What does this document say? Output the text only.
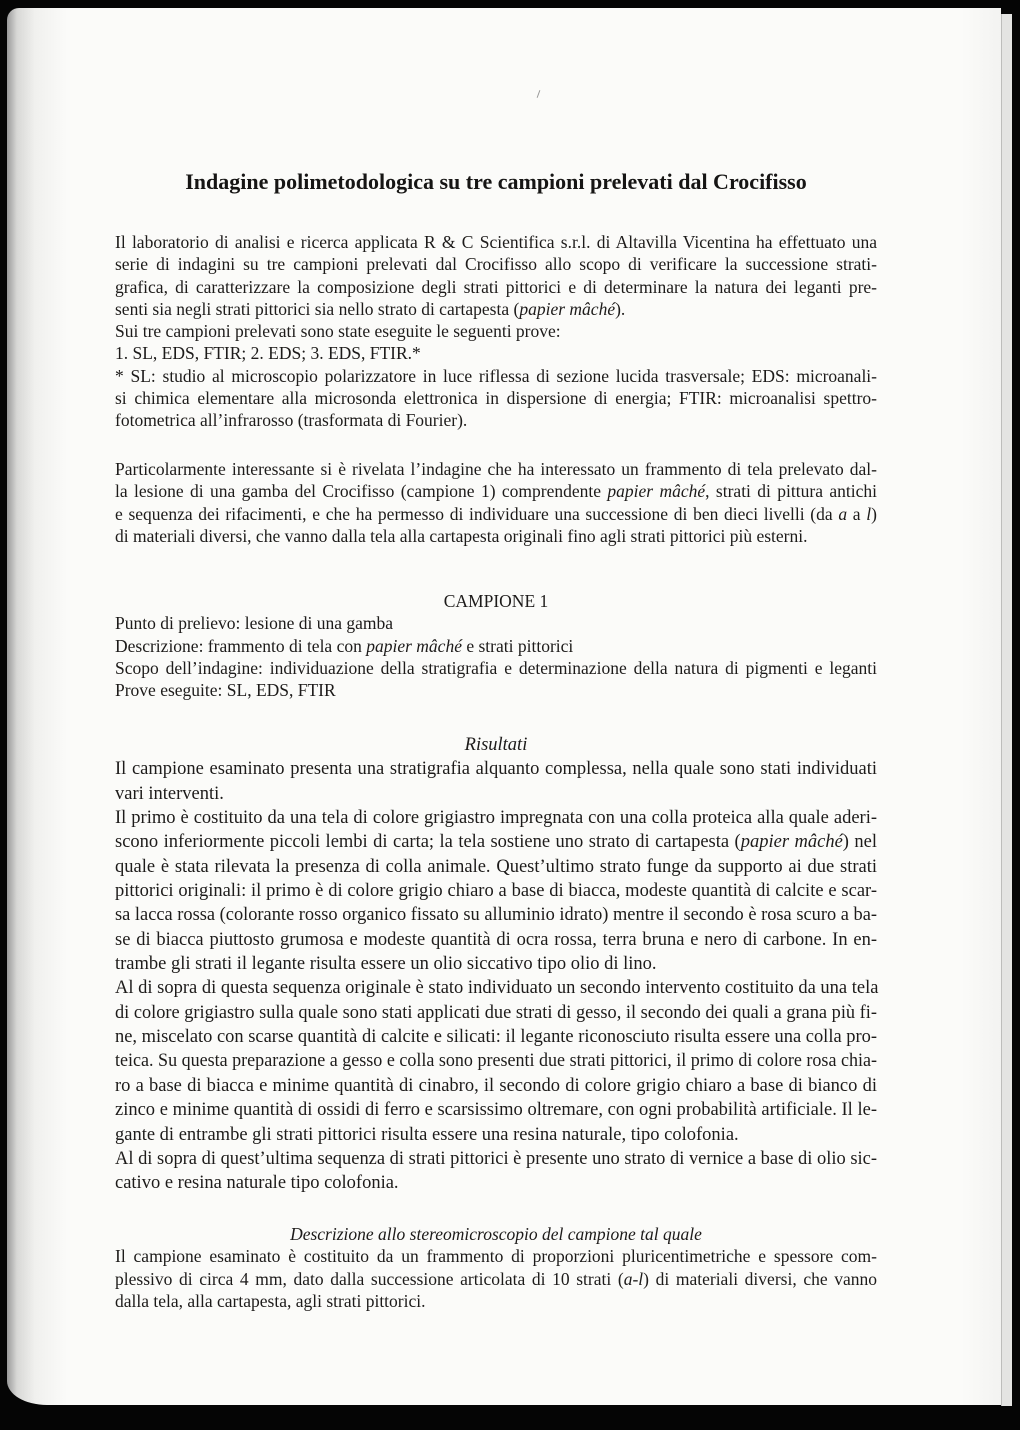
Indagine polimetodologica su tre campioni prelevati dal Crocifisso
Il laboratorio di analisi e ricerca applicata R & C Scientifica s.r.l. di Altavilla Vicentina ha effettuato una
serie di indagini su tre campioni prelevati dal Crocifisso allo scopo di verificare la successione strati-
grafica, di caratterizzare la composizione degli strati pittorici e di determinare la natura dei leganti pre-
senti sia negli strati pittorici sia nello strato di cartapesta (papier mâché).
Sui tre campioni prelevati sono state eseguite le seguenti prove:
1. SL, EDS, FTIR; 2. EDS; 3. EDS, FTIR.*
* SL: studio al microscopio polarizzatore in luce riflessa di sezione lucida trasversale; EDS: microanali-
si chimica elementare alla microsonda elettronica in dispersione di energia; FTIR: microanalisi spettro-
fotometrica all’infrarosso (trasformata di Fourier).
Particolarmente interessante si è rivelata l’indagine che ha interessato un frammento di tela prelevato dal-
la lesione di una gamba del Crocifisso (campione 1) comprendente papier mâché, strati di pittura antichi
e sequenza dei rifacimenti, e che ha permesso di individuare una successione di ben dieci livelli (da a a l)
di materiali diversi, che vanno dalla tela alla cartapesta originali fino agli strati pittorici più esterni.
CAMPIONE 1
Punto di prelievo: lesione di una gamba
Descrizione: frammento di tela con papier mâché e strati pittorici
Scopo dell’indagine: individuazione della stratigrafia e determinazione della natura di pigmenti e leganti
Prove eseguite: SL, EDS, FTIR
Risultati
Il campione esaminato presenta una stratigrafia alquanto complessa, nella quale sono stati individuati
vari interventi.
Il primo è costituito da una tela di colore grigiastro impregnata con una colla proteica alla quale aderi-
scono inferiormente piccoli lembi di carta; la tela sostiene uno strato di cartapesta (papier mâché) nel
quale è stata rilevata la presenza di colla animale. Quest’ultimo strato funge da supporto ai due strati
pittorici originali: il primo è di colore grigio chiaro a base di biacca, modeste quantità di calcite e scar-
sa lacca rossa (colorante rosso organico fissato su alluminio idrato) mentre il secondo è rosa scuro a ba-
se di biacca piuttosto grumosa e modeste quantità di ocra rossa, terra bruna e nero di carbone. In en-
trambe gli strati il legante risulta essere un olio siccativo tipo olio di lino.
Al di sopra di questa sequenza originale è stato individuato un secondo intervento costituito da una tela
di colore grigiastro sulla quale sono stati applicati due strati di gesso, il secondo dei quali a grana più fi-
ne, miscelato con scarse quantità di calcite e silicati: il legante riconosciuto risulta essere una colla pro-
teica. Su questa preparazione a gesso e colla sono presenti due strati pittorici, il primo di colore rosa chia-
ro a base di biacca e minime quantità di cinabro, il secondo di colore grigio chiaro a base di bianco di
zinco e minime quantità di ossidi di ferro e scarsissimo oltremare, con ogni probabilità artificiale. Il le-
gante di entrambe gli strati pittorici risulta essere una resina naturale, tipo colofonia.
Al di sopra di quest’ultima sequenza di strati pittorici è presente uno strato di vernice a base di olio sic-
cativo e resina naturale tipo colofonia.
Descrizione allo stereomicroscopio del campione tal quale
Il campione esaminato è costituito da un frammento di proporzioni pluricentimetriche e spessore com-
plessivo di circa 4 mm, dato dalla successione articolata di 10 strati (a-l) di materiali diversi, che vanno
dalla tela, alla cartapesta, agli strati pittorici.
